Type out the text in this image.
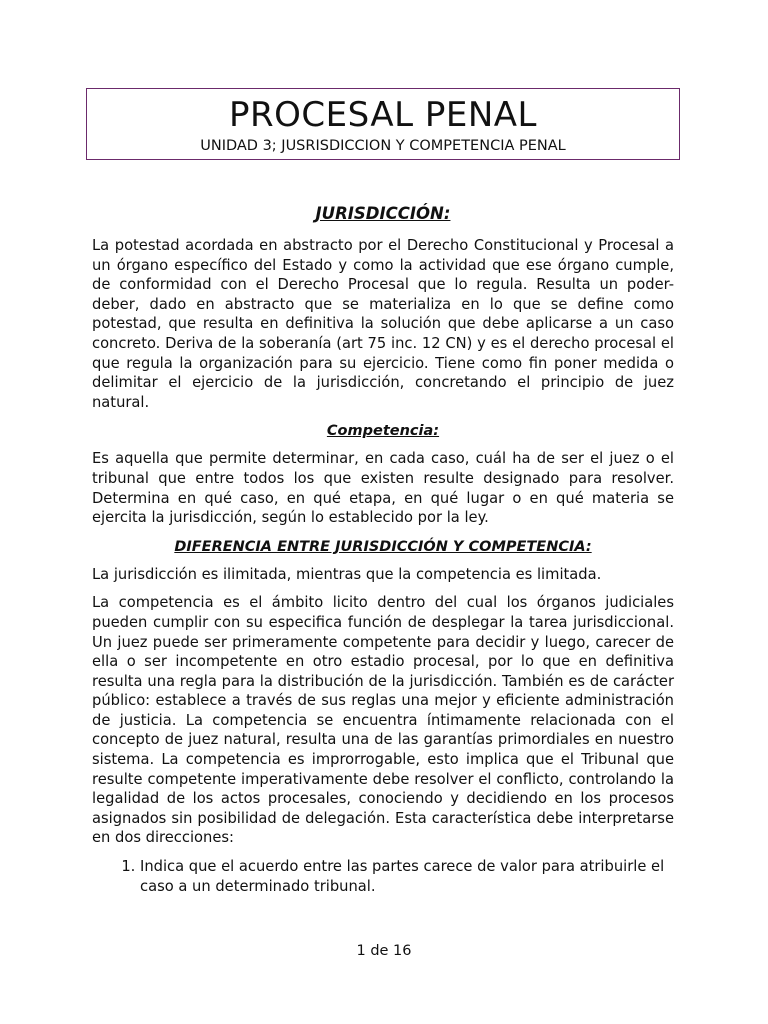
PROCESAL PENAL
UNIDAD 3; JUSRISDICCION Y COMPETENCIA PENAL
JURISDICCIÓN:

La potestad acordada en abstracto por el Derecho Constitucional y Procesal a un órgano específico del Estado y como la actividad que ese órgano cumple, de conformidad con el Derecho Procesal que lo regula. Resulta un poder-deber, dado en abstracto que se materializa en lo que se define como potestad, que resulta en definitiva la solución que debe aplicarse a un caso concreto. Deriva de la soberanía (art 75 inc. 12 CN) y es el derecho procesal el que regula la organización para su ejercicio. Tiene como fin poner medida o delimitar el ejercicio de la jurisdicción, concretando el principio de juez natural.

Competencia:

Es aquella que permite determinar, en cada caso, cuál ha de ser el juez o el tribunal que entre todos los que existen resulte designado para resolver. Determina en qué caso, en qué etapa, en qué lugar o en qué materia se ejercita la jurisdicción, según lo establecido por la ley.

DIFERENCIA ENTRE JURISDICCIÓN Y COMPETENCIA:

La jurisdicción es ilimitada, mientras que la competencia es limitada.

La competencia es el ámbito licito dentro del cual los órganos judiciales pueden cumplir con su especifica función de desplegar la tarea jurisdiccional. Un juez puede ser primeramente competente para decidir y luego, carecer de ella o ser incompetente en otro estadio procesal, por lo que en definitiva resulta una regla para la distribución de la jurisdicción. También es de carácter público: establece a través de sus reglas una mejor y eficiente administración de justicia. La competencia se encuentra íntimamente relacionada con el concepto de juez natural, resulta una de las garantías primordiales en nuestro sistema. La competencia es improrrogable, esto implica que el Tribunal que resulte competente imperativamente debe resolver el conflicto, controlando la legalidad de los actos procesales, conociendo y decidiendo en los procesos asignados sin posibilidad de delegación. Esta característica debe interpretarse en dos direcciones:

1. Indica que el acuerdo entre las partes carece de valor para atribuirle el caso a un determinado tribunal.
1 de 16
